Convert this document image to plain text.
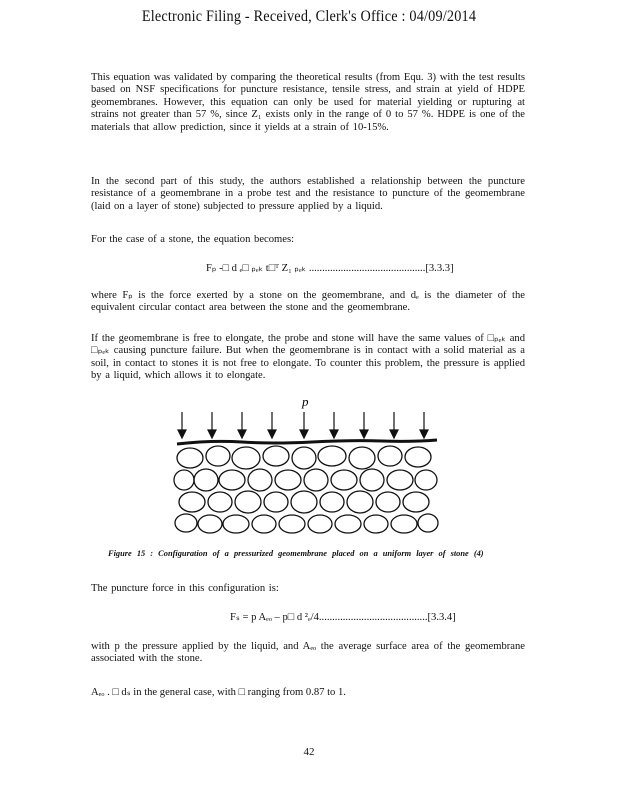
Electronic Filing - Received, Clerk's Office : 04/09/2014
This equation was validated by comparing the theoretical results (from Equ. 3) with the test results based on NSF specifications for puncture resistance, tensile stress, and strain at yield of HDPE geomembranes. However, this equation can only be used for material yielding or rupturing at strains not greater than 57 %, since Z₁ exists only in the range of 0 to 57 %. HDPE is one of the materials that allow prediction, since it yields at a strain of 10-15%.
In the second part of this study, the authors established a relationship between the puncture resistance of a geomembrane in a probe test and the resistance to puncture of the geomembrane (laid on a layer of stone) subjected to pressure applied by a liquid.
For the case of a stone, the equation becomes:
Fₚ -□ d ₑ□ ₚₑₖ t□ᵀ Z₁ ₚₑₖ ............................................[3.3.3]
where Fₚ is the force exerted by a stone on the geomembrane, and dₑ is the diameter of the equivalent circular contact area between the stone and the geomembrane.
If the geomembrane is free to elongate, the probe and stone will have the same values of □ₚₑₖ and □ₚₑₖ causing puncture failure. But when the geomembrane is in contact with a solid material as a soil, in contact to stones it is not free to elongate. To counter this problem, the pressure is applied by a liquid, which allows it to elongate.
p
Figure 15 : Configuration of a pressurized geomembrane placed on a uniform layer of stone (4)
The puncture force in this configuration is:
Fₛ = p Aₑₒ – p□ d ²ₑ/4.........................................[3.3.4]
with p the pressure applied by the liquid, and Aₑₒ the average surface area of the geomembrane associated with the stone.
Aₑₒ . □ dₛ in the general case, with □ ranging from 0.87 to 1.
42
